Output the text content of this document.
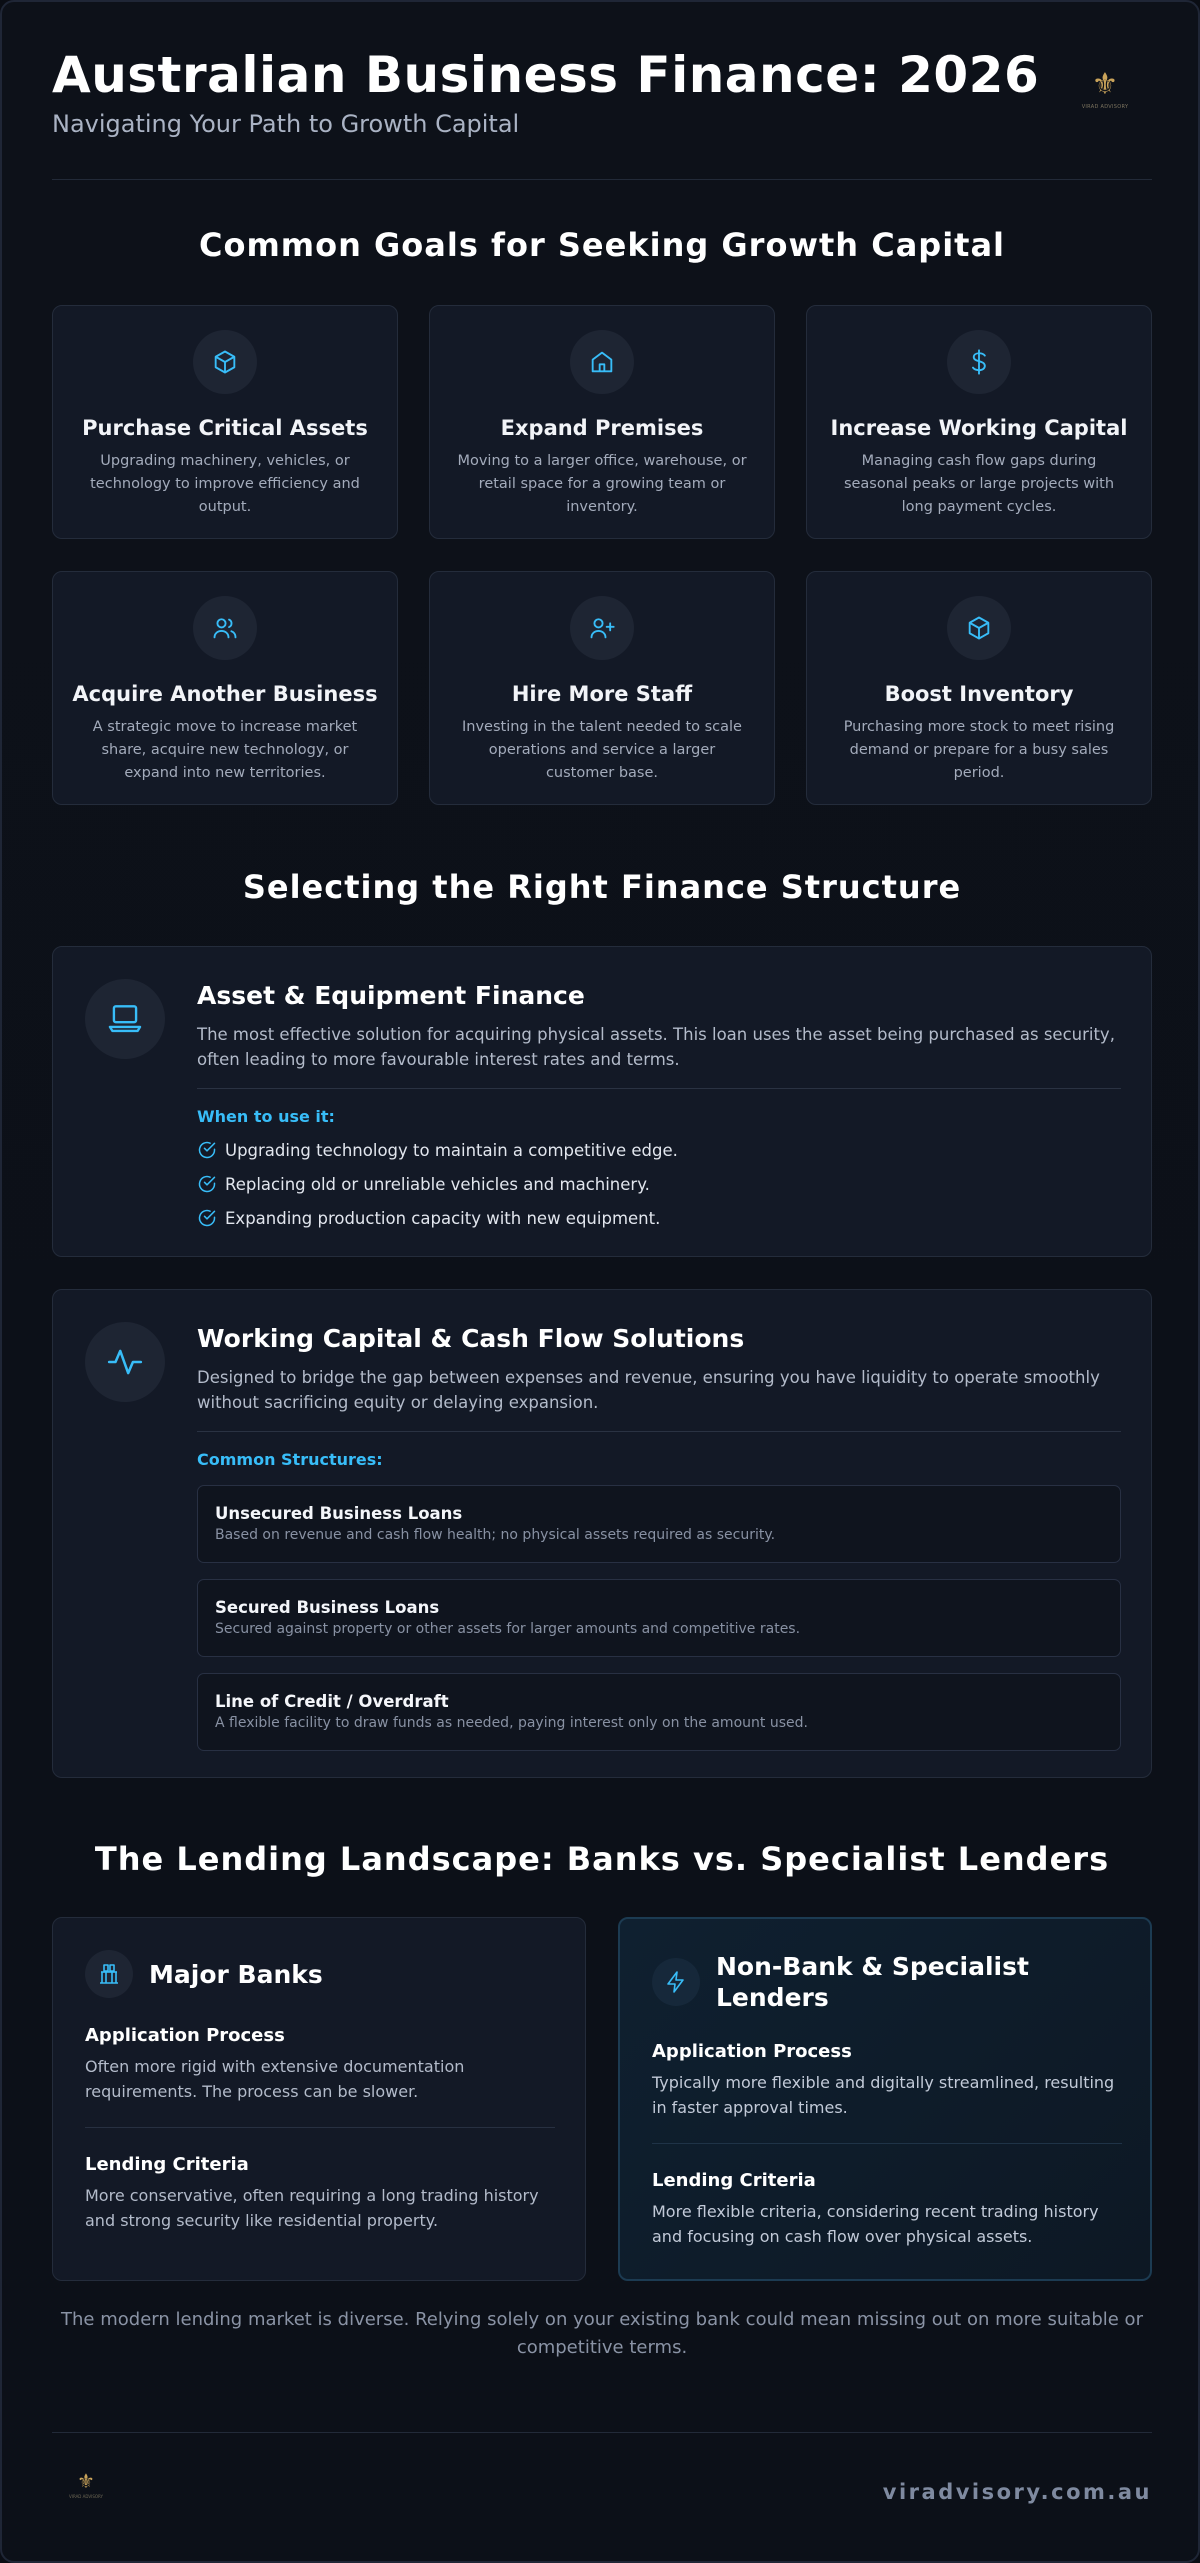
Australian Business Finance: 2026
Navigating Your Path to Growth Capital
⚜
VIRAD ADVISORY
Common Goals for Seeking Growth Capital
Purchase Critical Assets
Upgrading machinery, vehicles, or technology to improve efficiency and output.
Expand Premises
Moving to a larger office, warehouse, or retail space for a growing team or inventory.
Increase Working Capital
Managing cash flow gaps during seasonal peaks or large projects with long payment cycles.
Acquire Another Business
A strategic move to increase market share, acquire new technology, or expand into new territories.
Hire More Staff
Investing in the talent needed to scale operations and service a larger customer base.
Boost Inventory
Purchasing more stock to meet rising demand or prepare for a busy sales period.
Selecting the Right Finance Structure
Asset & Equipment Finance
The most effective solution for acquiring physical assets. This loan uses the asset being purchased as security, often leading to more favourable interest rates and terms.
When to use it:
Upgrading technology to maintain a competitive edge.
Replacing old or unreliable vehicles and machinery.
Expanding production capacity with new equipment.
Working Capital & Cash Flow Solutions
Designed to bridge the gap between expenses and revenue, ensuring you have liquidity to operate smoothly without sacrificing equity or delaying expansion.
Common Structures:
Unsecured Business Loans
Based on revenue and cash flow health; no physical assets required as security.
Secured Business Loans
Secured against property or other assets for larger amounts and competitive rates.
Line of Credit / Overdraft
A flexible facility to draw funds as needed, paying interest only on the amount used.
The Lending Landscape: Banks vs. Specialist Lenders
Major Banks
Application Process
Often more rigid with extensive documentation requirements. The process can be slower.
Lending Criteria
More conservative, often requiring a long trading history and strong security like residential property.
Non-Bank & Specialist Lenders
Application Process
Typically more flexible and digitally streamlined, resulting in faster approval times.
Lending Criteria
More flexible criteria, considering recent trading history and focusing on cash flow over physical assets.
The modern lending market is diverse. Relying solely on your existing bank could mean missing out on more suitable or competitive terms.
⚜
VIRAD ADVISORY	viradvisory.com.au
